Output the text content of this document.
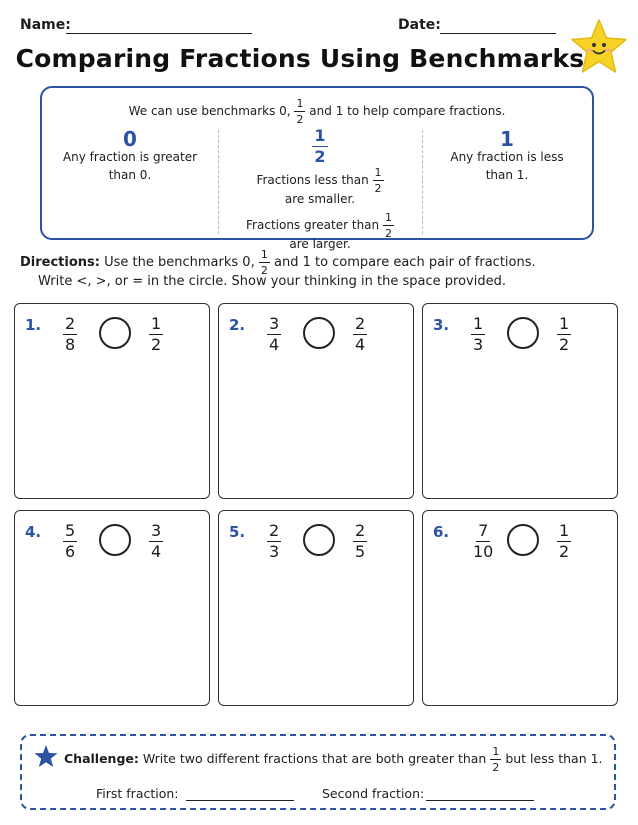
Name:	Date:
Comparing Fractions Using Benchmarks
We can use benchmarks 0, $\frac{1}{2}$ and 1 to help compare fractions.
0
Any fraction is greater
than 0.
$\frac{1}{2}$
Fractions less than $\frac{1}{2}$
are smaller.
Fractions greater than $\frac{1}{2}$
are larger.
1
Any fraction is less
than 1.
Directions: Use the benchmarks 0, $\frac{1}{2}$ and 1 to compare each pair of fractions.
Write <, >, or = in the circle. Show your thinking in the space provided.
1. $\frac{2}{8}$	$\frac{1}{2}$	2. $\frac{3}{4}$	$\frac{2}{4}$	3. $\frac{1}{3}$	$\frac{1}{2}$
4. $\frac{5}{6}$	$\frac{3}{4}$	5. $\frac{2}{3}$	$\frac{2}{5}$	6. $\frac{7}{10}$	$\frac{1}{2}$
Challenge: Write two different fractions that are both greater than $\frac{1}{2}$ but less than 1.
First fraction:	Second fraction:
